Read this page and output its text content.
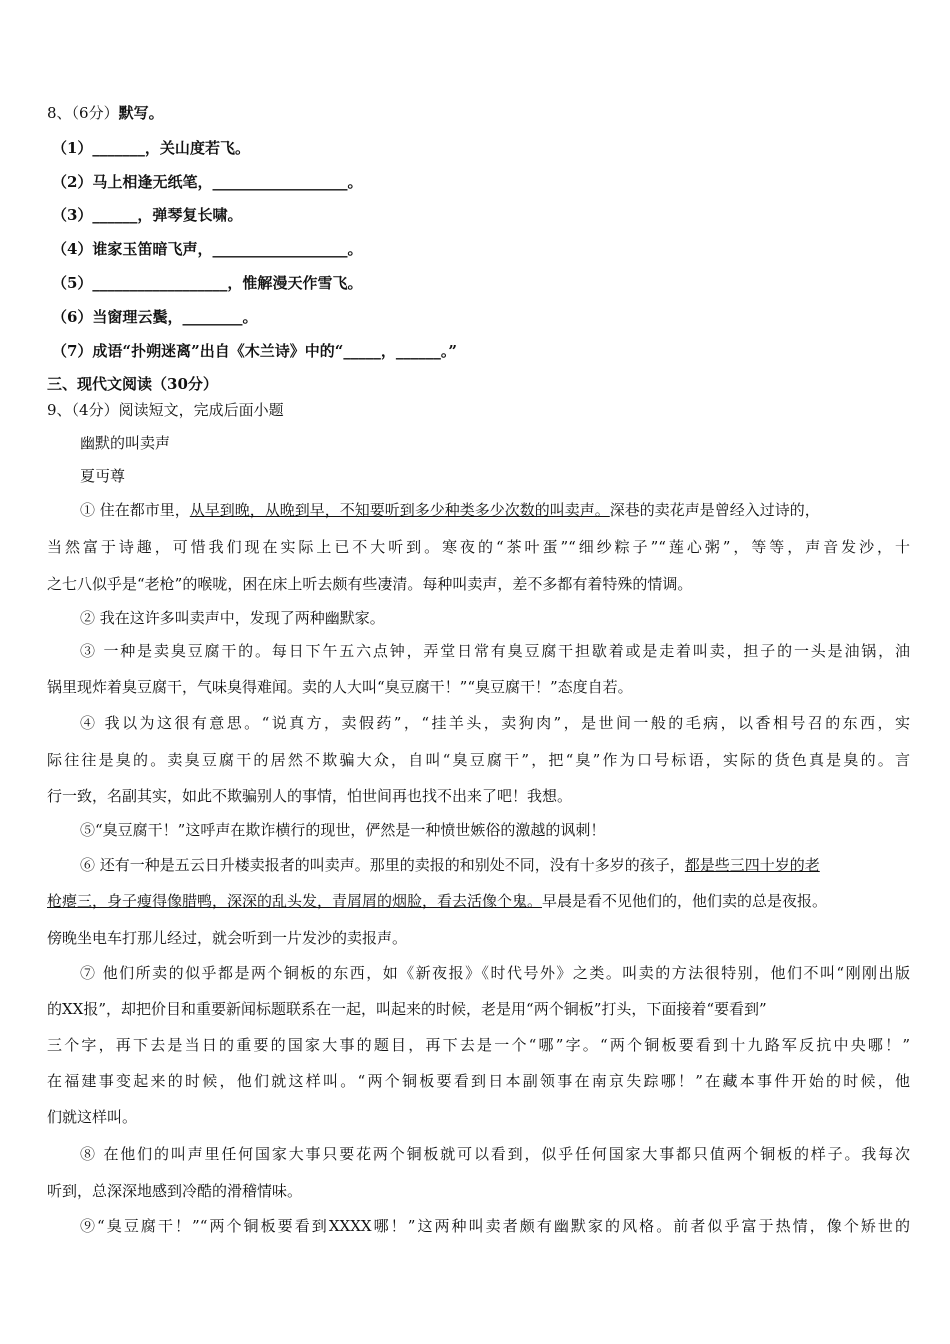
8、（6分）默写。
（1）_______，关山度若飞。
（2）马上相逢无纸笔，__________________。
（3）______，弹琴复长啸。
（4）谁家玉笛暗飞声，__________________。
（5）__________________，惟解漫天作雪飞。
（6）当窗理云鬓，________。
（7）成语“扑朔迷离”出自《木兰诗》中的“_____，______。”
三、现代文阅读（30分）
9、（4分）阅读短文，完成后面小题
幽默的叫卖声
夏丏尊
① 住在都市里，从早到晚，从晚到早，不知要听到多少种类多少次数的叫卖声。深巷的卖花声是曾经入过诗的，
当然富于诗趣，可惜我们现在实际上已不大听到。寒夜的“茶叶蛋”“细纱粽子”“莲心粥”，等等，声音发沙，十
之七八似乎是“老枪”的喉咙，困在床上听去颇有些凄清。每种叫卖声，差不多都有着特殊的情调。
② 我在这许多叫卖声中，发现了两种幽默家。
③ 一种是卖臭豆腐干的。每日下午五六点钟，弄堂日常有臭豆腐干担歇着或是走着叫卖，担子的一头是油锅，油
锅里现炸着臭豆腐干，气味臭得难闻。卖的人大叫“臭豆腐干！”“臭豆腐干！”态度自若。
④ 我以为这很有意思。“说真方，卖假药”，“挂羊头，卖狗肉”，是世间一般的毛病，以香相号召的东西，实
际往往是臭的。卖臭豆腐干的居然不欺骗大众，自叫“臭豆腐干”，把“臭”作为口号标语，实际的货色真是臭的。言
行一致，名副其实，如此不欺骗别人的事情，怕世间再也找不出来了吧！我想。
⑤“臭豆腐干！”这呼声在欺诈横行的现世，俨然是一种愤世嫉俗的激越的讽刺！
⑥ 还有一种是五云日升楼卖报者的叫卖声。那里的卖报的和别处不同，没有十多岁的孩子，都是些三四十岁的老
枪瘪三，身子瘦得像腊鸭，深深的乱头发，青屑屑的烟脸，看去活像个鬼。早晨是看不见他们的，他们卖的总是夜报。
傍晚坐电车打那儿经过，就会听到一片发沙的卖报声。
⑦ 他们所卖的似乎都是两个铜板的东西，如《新夜报》《时代号外》之类。叫卖的方法很特别，他们不叫“刚刚出版
的XX报”，却把价目和重要新闻标题联系在一起，叫起来的时候，老是用“两个铜板”打头，下面接着“要看到”
三个字，再下去是当日的重要的国家大事的题目，再下去是一个“哪”字。“两个铜板要看到十九路军反抗中央哪！”
在福建事变起来的时候，他们就这样叫。“两个铜板要看到日本副领事在南京失踪哪！”在藏本事件开始的时候，他
们就这样叫。
⑧ 在他们的叫声里任何国家大事只要花两个铜板就可以看到，似乎任何国家大事都只值两个铜板的样子。我每次
听到，总深深地感到冷酷的滑稽情味。
⑨“臭豆腐干！”“两个铜板要看到XXXX哪！”这两种叫卖者颇有幽默家的风格。前者似乎富于热情，像个矫世的
